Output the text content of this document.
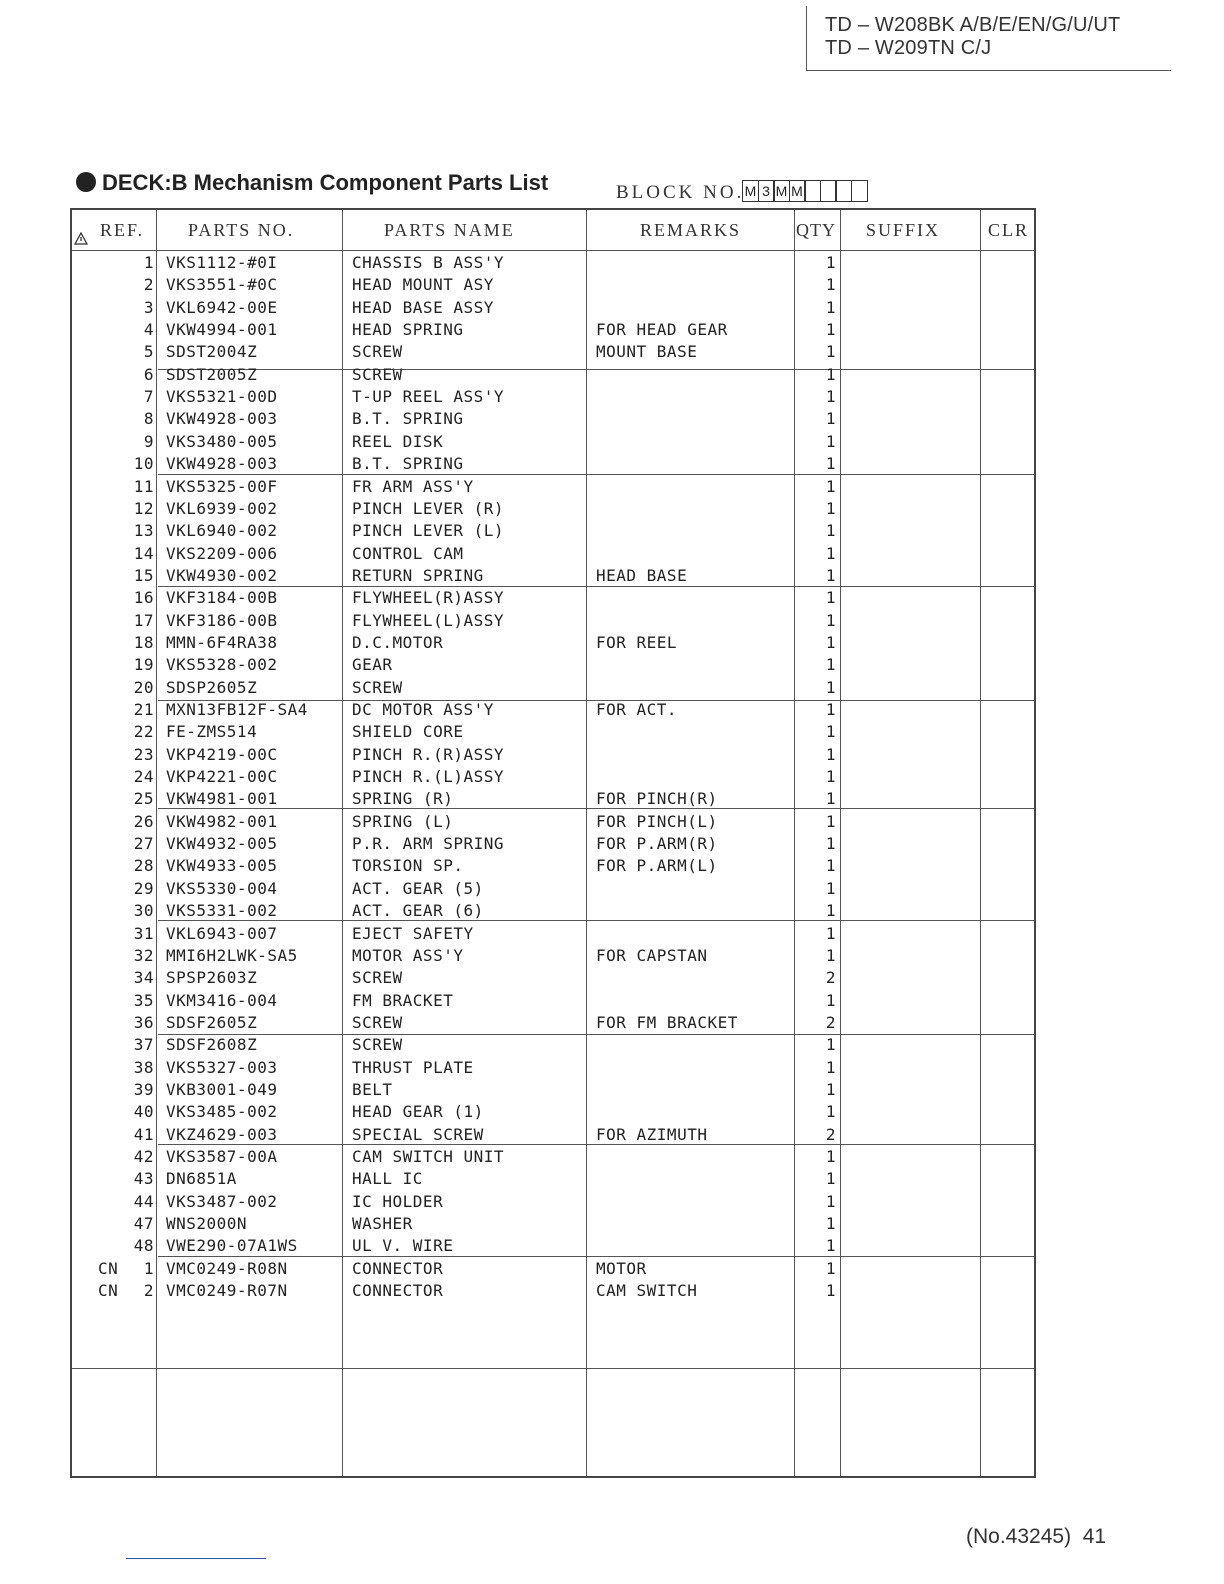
TD – W208BK A/B/E/EN/G/U/UT
TD – W209TN C/J
DECK:B Mechanism Component Parts List	BLOCK NO. M 3 M M
REF. PARTS NO.	PARTS NAME	REMARKS	QTY SUFFIX	CLR
1 VKS1112-#0I	CHASSIS B ASS'Y	1
2 VKS3551-#0C	HEAD MOUNT ASY	1
3 VKL6942-00E	HEAD BASE ASSY	1
4 VKW4994-001	HEAD SPRING	FOR HEAD GEAR	1
5 SDST2004Z	SCREW	MOUNT BASE	1
6 SDST2005Z	SCREW	1
7 VKS5321-00D	T-UP REEL ASS'Y	1
8 VKW4928-003	B.T. SPRING	1
9 VKS3480-005	REEL DISK	1
10 VKW4928-003	B.T. SPRING	1
11 VKS5325-00F	FR ARM ASS'Y	1
12 VKL6939-002	PINCH LEVER (R)	1
13 VKL6940-002	PINCH LEVER (L)	1
14 VKS2209-006	CONTROL CAM	1
15 VKW4930-002	RETURN SPRING	HEAD BASE	1
16 VKF3184-00B	FLYWHEEL(R)ASSY	1
17 VKF3186-00B	FLYWHEEL(L)ASSY	1
18 MMN-6F4RA38	D.C.MOTOR	FOR REEL	1
19 VKS5328-002	GEAR	1
20 SDSP2605Z	SCREW	1
21 MXN13FB12F-SA4	DC MOTOR ASS'Y	FOR ACT.	1
22 FE-ZMS514	SHIELD CORE	1
23 VKP4219-00C	PINCH R.(R)ASSY	1
24 VKP4221-00C	PINCH R.(L)ASSY	1
25 VKW4981-001	SPRING (R)	FOR PINCH(R)	1
26 VKW4982-001	SPRING (L)	FOR PINCH(L)	1
27 VKW4932-005	P.R. ARM SPRING	FOR P.ARM(R)	1
28 VKW4933-005	TORSION SP.	FOR P.ARM(L)	1
29 VKS5330-004	ACT. GEAR (5)	1
30 VKS5331-002	ACT. GEAR (6)	1
31 VKL6943-007	EJECT SAFETY	1
32 MMI6H2LWK-SA5	MOTOR ASS'Y	FOR CAPSTAN	1
34 SPSP2603Z	SCREW	2
35 VKM3416-004	FM BRACKET	1
36 SDSF2605Z	SCREW	FOR FM BRACKET	2
37 SDSF2608Z	SCREW	1
38 VKS5327-003	THRUST PLATE	1
39 VKB3001-049	BELT	1
40 VKS3485-002	HEAD GEAR (1)	1
41 VKZ4629-003	SPECIAL SCREW	FOR AZIMUTH	2
42 VKS3587-00A	CAM SWITCH UNIT	1
43 DN6851A	HALL IC	1
44 VKS3487-002	IC HOLDER	1
47 WNS2000N	WASHER	1
48 VWE290-07A1WS	UL V. WIRE	1
CN 1 VMC0249-R08N	CONNECTOR	MOTOR	1
CN 2 VMC0249-R07N	CONNECTOR	CAM SWITCH	1
(No.43245) 41
